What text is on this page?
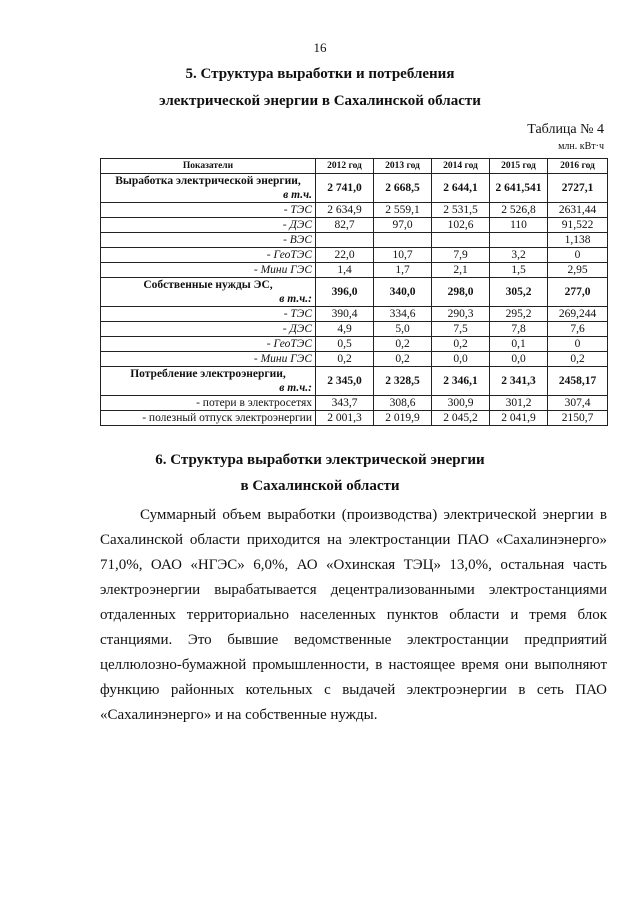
16
5. Структура выработки и потребления
электрической энергии в Сахалинской области
Таблица № 4
млн. кВт·ч
Показатели	2012 год	2013 год	2014 год	2015 год	2016 год

Выработка электрической энергии,
в т.ч.	2 741,0	2 668,5	2 644,1	2 641,541	2727,1
- ТЭС	2 634,9	2 559,1	2 531,5	2 526,8	2631,44
- ДЭС	82,7	97,0	102,6	110	91,522
- ВЭС					1,138
- ГеоТЭС	22,0	10,7	7,9	3,2	0
- Мини ГЭС	1,4	1,7	2,1	1,5	2,95

Собственные нужды ЭС,
в т.ч.:	396,0	340,0	298,0	305,2	277,0
- ТЭС	390,4	334,6	290,3	295,2	269,244
- ДЭС	4,9	5,0	7,5	7,8	7,6
- ГеоТЭС	0,5	0,2	0,2	0,1	0
- Мини ГЭС	0,2	0,2	0,0	0,0	0,2

Потребление электроэнергии,
в т.ч.:	2 345,0	2 328,5	2 346,1	2 341,3	2458,17
- потери в электросетях	343,7	308,6	300,9	301,2	307,4
- полезный отпуск электроэнергии	2 001,3	2 019,9	2 045,2	2 041,9	2150,7
6. Структура выработки электрической энергии
в Сахалинской области

Суммарный объем выработки (производства) электрической энергии в Сахалинской области приходится на электростанции ПАО «Сахалинэнерго» 71,0%, ОАО «НГЭС» 6,0%, АО «Охинская ТЭЦ» 13,0%, остальная часть электроэнергии вырабатывается децентрализованными электростанциями отдаленных территориально населенных пунктов области и тремя блок станциями. Это бывшие ведомственные электростанции предприятий целлюлозно-бумажной промышленности, в настоящее время они выполняют функцию районных котельных с выдачей электроэнергии в сеть ПАО «Сахалинэнерго» и на собственные нужды.
